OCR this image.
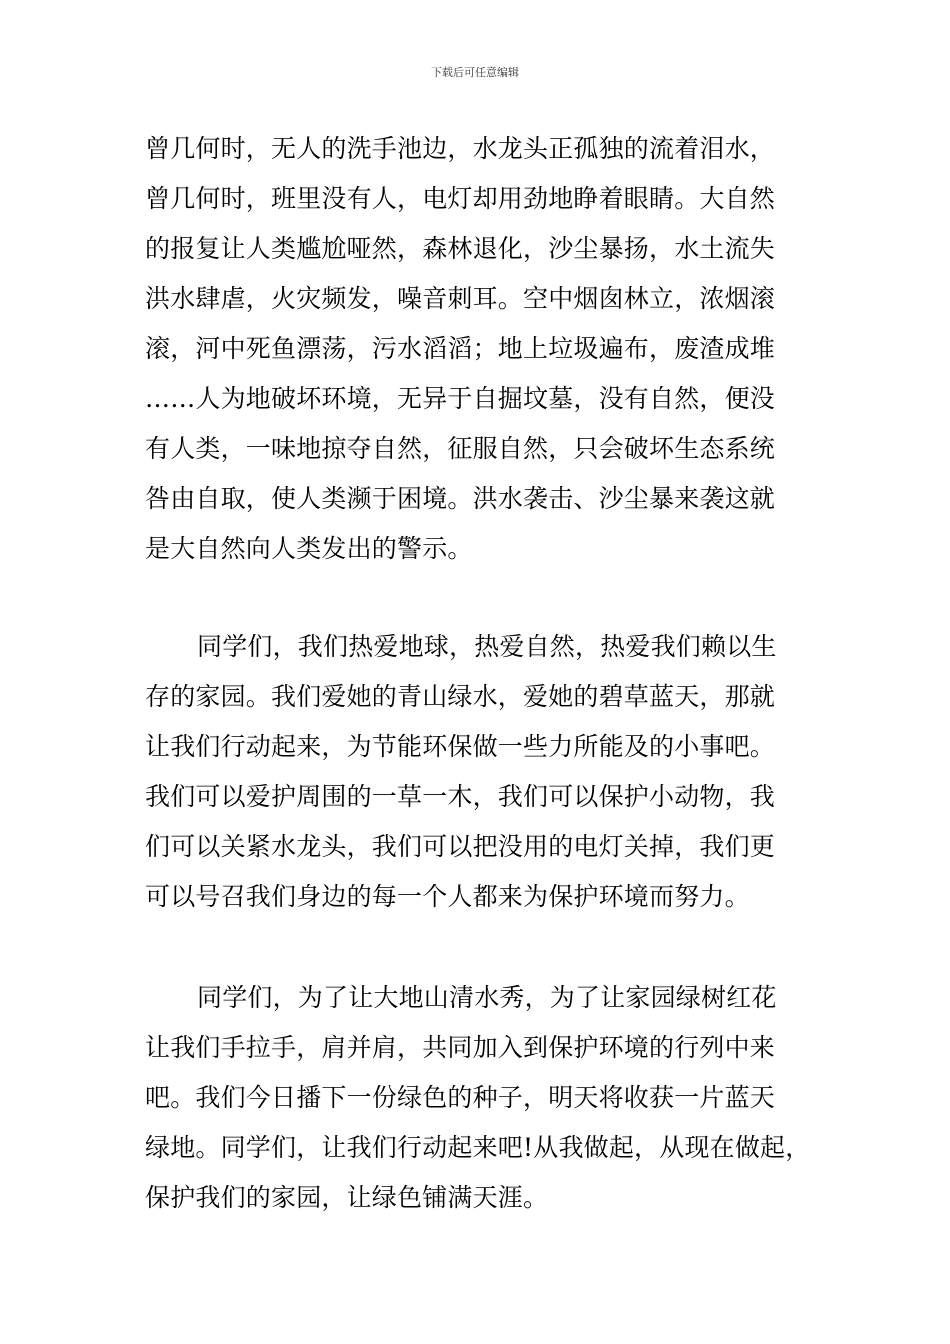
下载后可任意编辑
曾几何时，无人的洗手池边，水龙头正孤独的流着泪水，
曾几何时，班里没有人，电灯却用劲地睁着眼睛。大自然
的报复让人类尴尬哑然，森林退化，沙尘暴扬，水土流失
洪水肆虐，火灾频发，噪音刺耳。空中烟囱林立，浓烟滚
滚，河中死鱼漂荡，污水滔滔；地上垃圾遍布，废渣成堆
……人为地破坏环境，无异于自掘坟墓，没有自然，便没
有人类，一味地掠夺自然，征服自然，只会破坏生态系统
咎由自取，使人类濒于困境。洪水袭击、沙尘暴来袭这就
是大自然向人类发出的警示。
同学们，我们热爱地球，热爱自然，热爱我们赖以生
存的家园。我们爱她的青山绿水，爱她的碧草蓝天，那就
让我们行动起来，为节能环保做一些力所能及的小事吧。
我们可以爱护周围的一草一木，我们可以保护小动物，我
们可以关紧水龙头，我们可以把没用的电灯关掉，我们更
可以号召我们身边的每一个人都来为保护环境而努力。
同学们，为了让大地山清水秀，为了让家园绿树红花
让我们手拉手，肩并肩，共同加入到保护环境的行列中来
吧。我们今日播下一份绿色的种子，明天将收获一片蓝天
绿地。同学们，让我们行动起来吧!从我做起，从现在做起，
保护我们的家园，让绿色铺满天涯。
